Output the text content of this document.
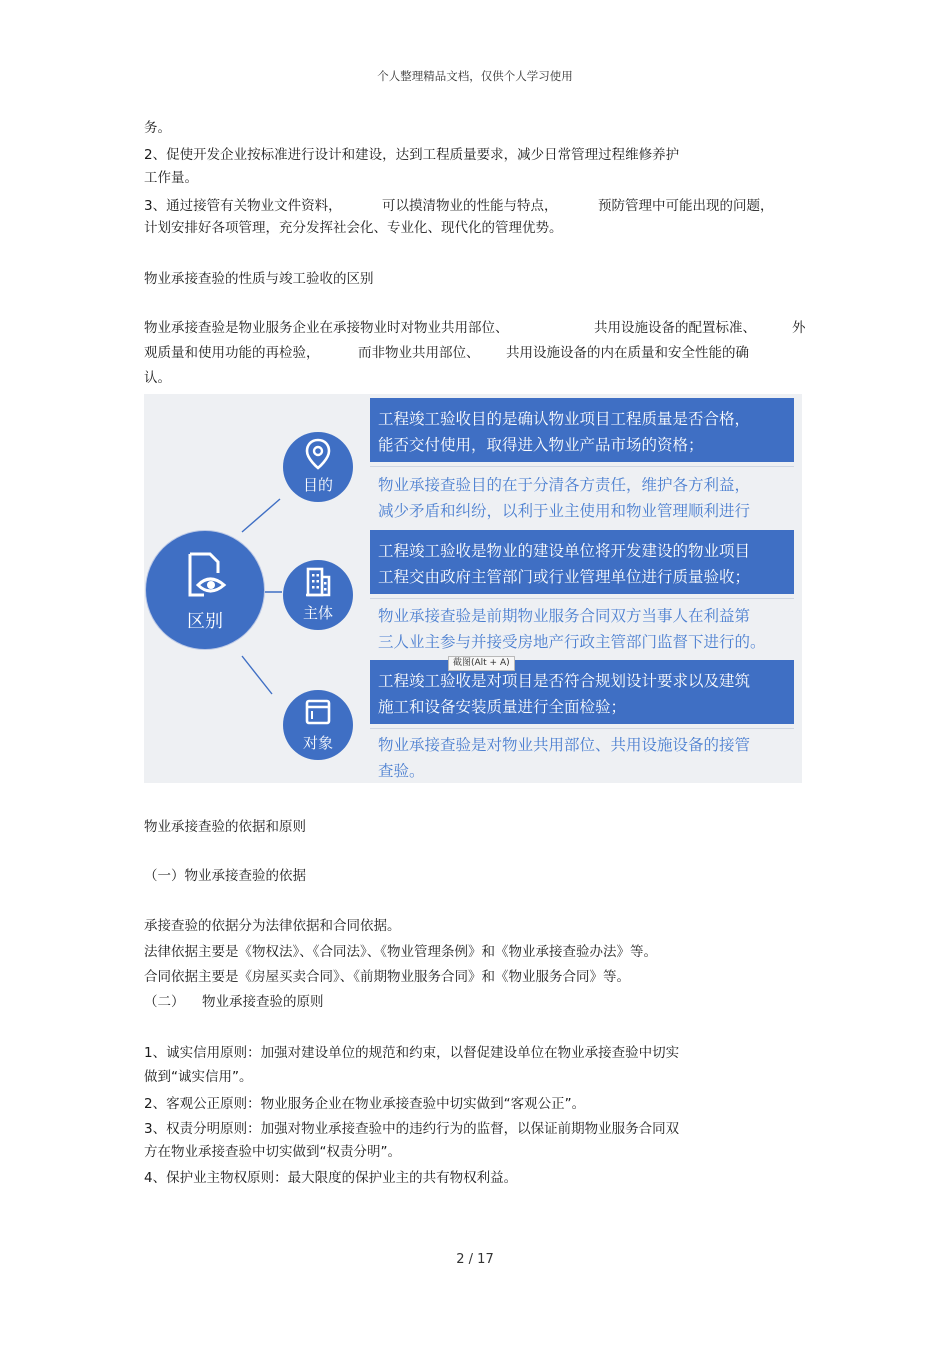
个人整理精品文档，仅供个人学习使用
务。
2、促使开发企业按标准进行设计和建设，达到工程质量要求，减少日常管理过程维修养护
工作量。
3、通过接管有关物业文件资料，	可以摸清物业的性能与特点，	预防管理中可能出现的问题，
计划安排好各项管理，充分发挥社会化、专业化、现代化的管理优势。
物业承接查验的性质与竣工验收的区别
物业承接查验是物业服务企业在承接物业时对物业共用部位、	共用设施设备的配置标准、	外
观质量和使用功能的再检验，	而非物业共用部位、 共用设施设备的内在质量和安全性能的确
认。
区别
目的
主体
对象
工程竣工验收目的是确认物业项目工程质量是否合格，
能否交付使用，取得进入物业产品市场的资格；
物业承接查验目的在于分清各方责任，维护各方利益，
减少矛盾和纠纷，以利于业主使用和物业管理顺利进行
工程竣工验收是物业的建设单位将开发建设的物业项目
工程交由政府主管部门或行业管理单位进行质量验收；
物业承接查验是前期物业服务合同双方当事人在利益第
三人业主参与并接受房地产行政主管部门监督下进行的。
工程竣工验收是对项目是否符合规划设计要求以及建筑
施工和设备安装质量进行全面检验；
物业承接查验是对物业共用部位、共用设施设备的接管
查验。
截图(Alt + A)
物业承接查验的依据和原则
（一）物业承接查验的依据
承接查验的依据分为法律依据和合同依据。
法律依据主要是《物权法》、《合同法》、《物业管理条例》和《物业承接查验办法》等。
合同依据主要是《房屋买卖合同》、《前期物业服务合同》和《物业服务合同》等。
（二） 物业承接查验的原则
1、诚实信用原则：加强对建设单位的规范和约束，以督促建设单位在物业承接查验中切实
做到“诚实信用”。
2、客观公正原则：物业服务企业在物业承接查验中切实做到“客观公正”。
3、权责分明原则：加强对物业承接查验中的违约行为的监督，以保证前期物业服务合同双
方在物业承接查验中切实做到“权责分明”。
4、保护业主物权原则：最大限度的保护业主的共有物权利益。
2 / 17
